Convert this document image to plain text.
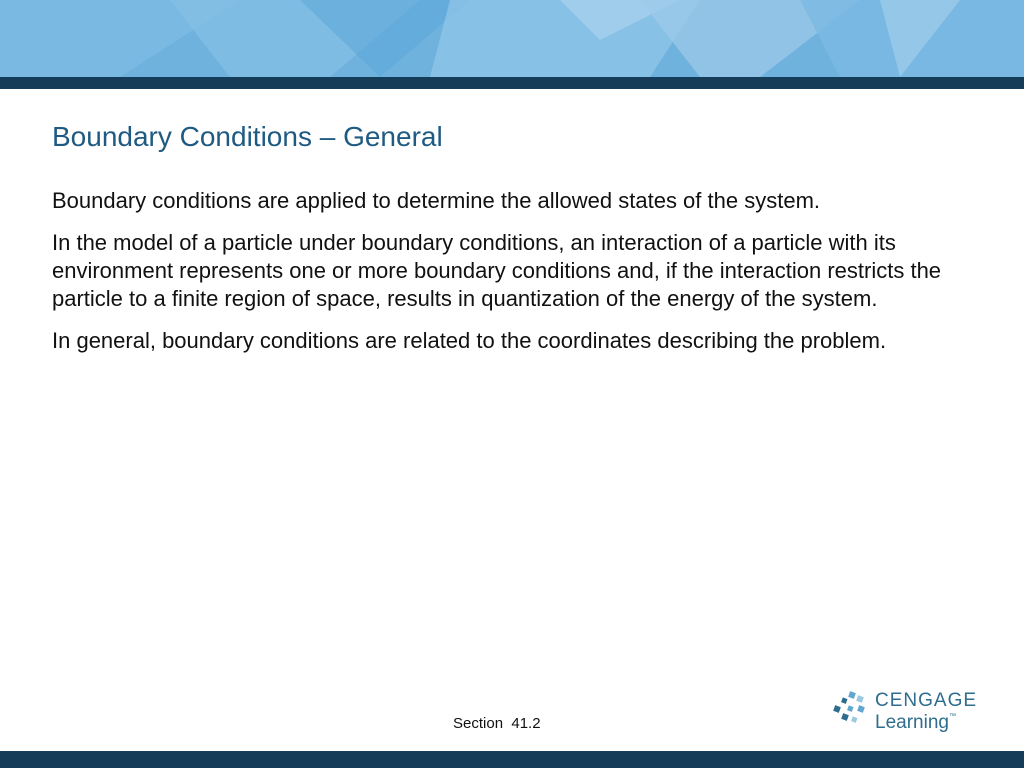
Boundary Conditions – General

Boundary conditions are applied to determine the allowed states of the system.

In the model of a particle under boundary conditions, an interaction of a particle with its environment represents one or more boundary conditions and, if the interaction restricts the particle to a finite region of space, results in quantization of the energy of the system.

In general, boundary conditions are related to the coordinates describing the problem.

Section  41.2
CENGAGE
Learning™
